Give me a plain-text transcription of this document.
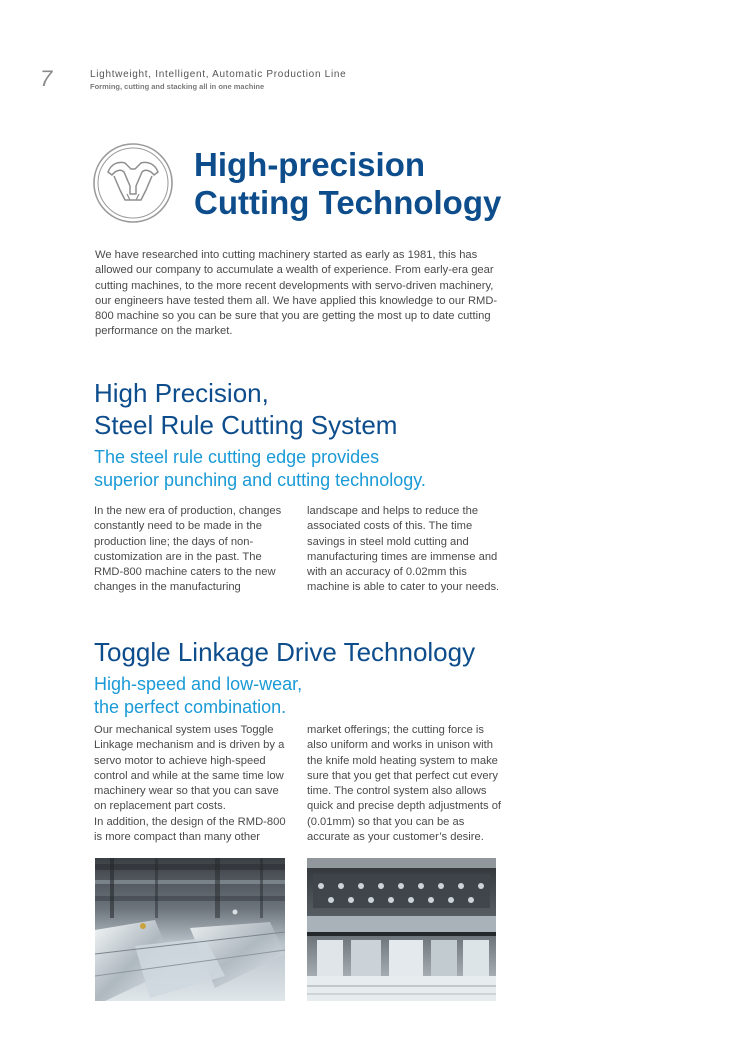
7	Lightweight, Intelligent, Automatic Production Line
Forming, cutting and stacking all in one machine
High-precision
Cutting Technology

We have researched into cutting machinery started as early as 1981, this has allowed our company to accumulate a wealth of experience. From early-era gear cutting machines, to the more recent developments with servo-driven machinery, our engineers have tested them all. We have applied this knowledge to our RMD-800 machine so you can be sure that you are getting the most up to date cutting performance on the market.

High Precision,
Steel Rule Cutting System
The steel rule cutting edge provides
superior punching and cutting technology.

In the new era of production, changes constantly need to be made in the production line; the days of non-customization are in the past. The RMD-800 machine caters to the new changes in the manufacturing

landscape and helps to reduce the associated costs of this. The time savings in steel mold cutting and manufacturing times are immense and with an accuracy of 0.02mm this machine is able to cater to your needs.

Toggle Linkage Drive Technology
High-speed and low-wear,
the perfect combination.

Our mechanical system uses Toggle Linkage mechanism and is driven by a servo motor to achieve high-speed control and while at the same time low machinery wear so that you can save on replacement part costs.

In addition, the design of the RMD-800 is more compact than many other

market offerings; the cutting force is also uniform and works in unison with the knife mold heating system to make sure that you get that perfect cut every time. The control system also allows quick and precise depth adjustments of (0.01mm) so that you can be as accurate as your customer’s desire.
